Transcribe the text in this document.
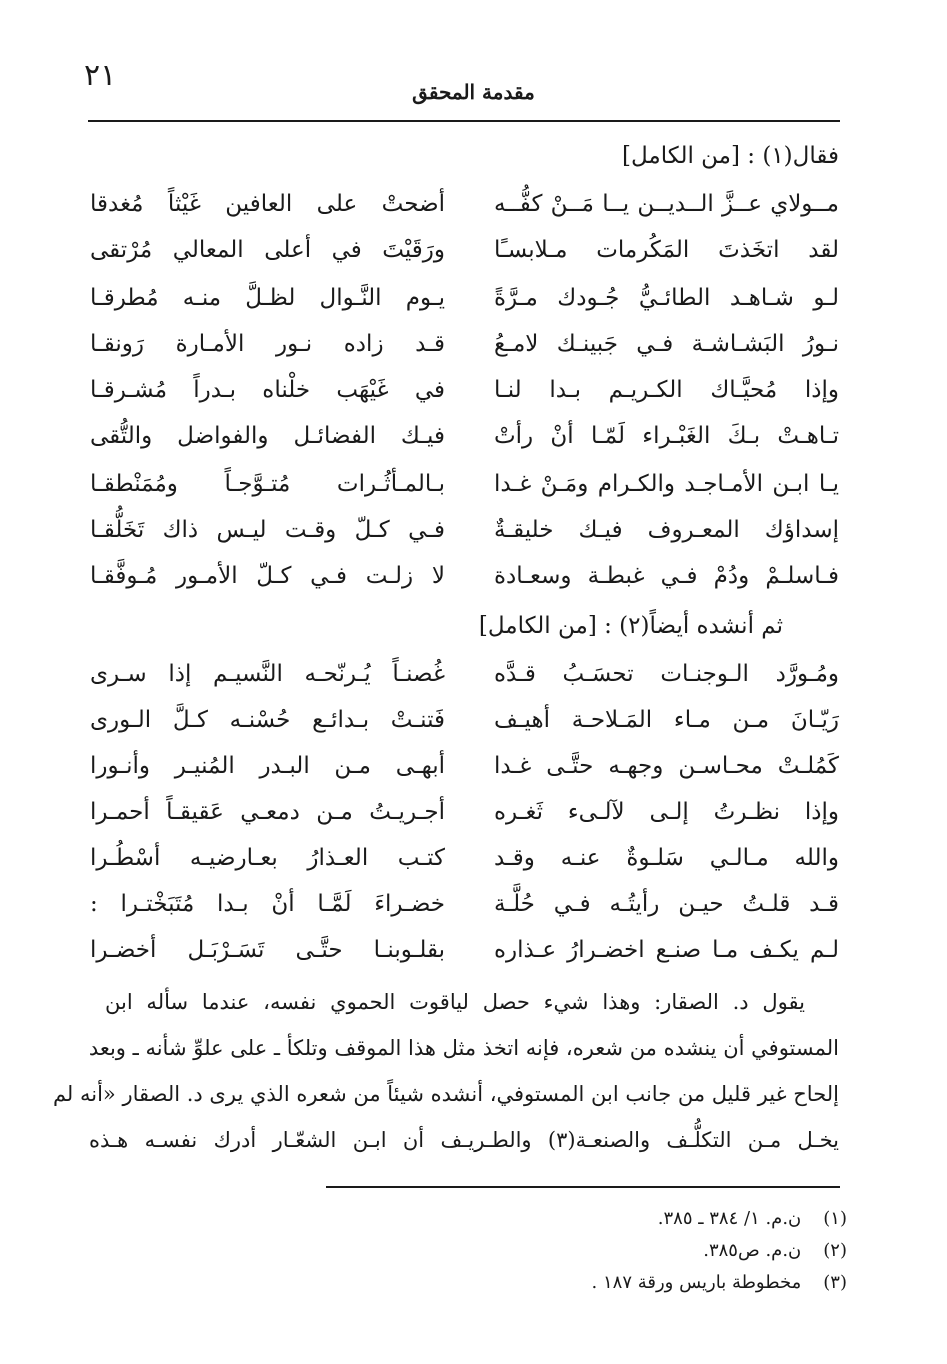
٢١	مقدمة المحقق
فقال(١) : [من الكامل]
مــولاي عــزَّ الــديــن يــا مَــنْ كفُّــه
أضحتْ على العافين غَيْثاً مُغدقا
لقد اتخَذتَ المَكُرمات مـلابسـًا
ورَقَيْتَ في أعلى المعالي مُرْتقى
لـو شـاهـد الطائـيُّ جُـودك مـرَّةً
يـوم النَّـوال لظـلَّ منـه مُطرقـا
نـورُ البَشـاشـة فـي جَبينـك لامـعُ
قـد زاده نـور الأمـارة رَونقـا
وإذا مُحيَّـاك الكـريـم بـدا لنـا
في غَيْهَب خلْناه بـدراً مُشـرقـا
تـاهـتْ بـكَ الغَبْـراء لَمّـا أنْ رأتْ
فيـك الفضائـل والفواضل والتُّقى
يـا ابـن الأمـاجـد والكـرام ومَـنْ غـدا
بـالمـأثُـرات مُتـوَّجـاً ومُمَنْطقـا
إسداؤك المعـروف فيـك خليقـةٌ
فـي كـلّ وقـت ليـس ذاك تَخَلُّقـا
فـاسلـمْ ودُمْ فـي غبطـة وسعـادة
لا زلـت فـي كـلّ الأمـور مُـوفَّقـا
ثم أنشده أيضاً(٢) : [من الكامل]
ومُـورَّد الـوجنـات تحسَـبُ قـدَّه
غُصنـاً يُـرنّحـه النَّسيـم إذا سـرى
رَيّـانَ مـن مـاء المَـلاحـة أهيـف
فَتنـتْ بـدائـع حُسْنـه كـلَّ الـورى
كَمُلـتْ محـاسـن وجهـه حتَّـى غـدا
أبهـى مـن البـدر المُنيـر وأنـورا
وإذا نظـرتُ إلـى لآلـىء ثَغـره
أجـريـتُ مـن دمعـي عَقيقـاً أحمـرا
والله مـالـي سَلـوةٌ عنـه وقـد
كتـب العـذارُ بعـارضيـه أسْطُـرا
قـد قلـتُ حيـن رأيتُـه فـي حُلَّـة
خضـراءَ لَمَّـا أنْ بـدا مُتَبَخْتـرا :
لـم يكـف مـا صنـع اخضـرارُ عـذاره
بقلـوبنـا حتَّـى تَسَـرْبَـل أخضـرا
يقول د. الصقار: وهذا شيء حصل لياقوت الحموي نفسه، عندما سأله ابن
المستوفي أن ينشده من شعره، فإنه اتخذ مثل هذا الموقف وتلكأ ـ على علوِّ شأنه ـ وبعد
إلحاح غير قليل من جانب ابن المستوفي، أنشده شيئاً من شعره الذي يرى د. الصقار «أنه لم
يخـل مـن التكلُّـف والصنعـة(٣) والطـريـف أن ابـن الشعّـار أدرك نفسـه هـذه
(١) ن.م. ١/ ٣٨٤ ـ ٣٨٥.
(٢) ن.م. ص٣٨٥.
(٣) مخطوطة باريس ورقة ١٨٧ .
